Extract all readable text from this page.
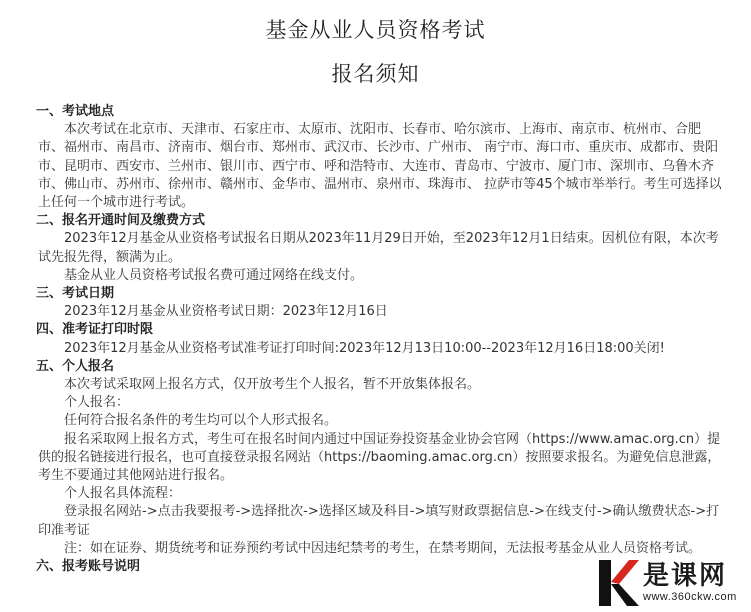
基金从业人员资格考试
报名须知
一、考试地点

本次考试在北京市、天津市、石家庄市、太原市、沈阳市、长春市、哈尔滨市、上海市、南京市、杭州市、合肥市、福州市、南昌市、济南市、烟台市、郑州市、武汉市、长沙市、广州市、 南宁市、海口市、重庆市、成都市、贵阳市、昆明市、西安市、兰州市、银川市、西宁市、呼和浩特市、大连市、青岛市、宁波市、厦门市、深圳市、乌鲁木齐市、佛山市、苏州市、徐州市、赣州市、金华市、温州市、泉州市、珠海市、 拉萨市等45个城市举举行。考生可选择以上任何一个城市进行考试。

二、报名开通时间及缴费方式

2023年12月基金从业资格考试报名日期从2023年11月29日开始，至2023年12月1日结束。因机位有限，本次考试先报先得，额满为止。

基金从业人员资格考试报名费可通过网络在线支付。

三、考试日期

2023年12月基金从业资格考试日期：2023年12月16日

四、准考证打印时限

2023年12月基金从业资格考试准考证打印时间:2023年12月13日10:00--2023年12月16日18:00关闭!

五、个人报名

本次考试采取网上报名方式，仅开放考生个人报名，暂不开放集体报名。

个人报名：

任何符合报名条件的考生均可以个人形式报名。

报名采取网上报名方式，考生可在报名时间内通过中国证券投资基金业协会官网（https://www.amac.org.cn）提供的报名链接进行报名，也可直接登录报名网站（https://baoming.amac.org.cn）按照要求报名。为避免信息泄露，考生不要通过其他网站进行报名。

个人报名具体流程：

登录报名网站->点击我要报考->选择批次->选择区域及科目->填写财政票据信息->在线支付->确认缴费状态->打印准考证

注：如在证券、期货统考和证券预约考试中因违纪禁考的考生，在禁考期间，无法报考基金从业人员资格考试。

六、报考账号说明	是课网
www.360ckw.com
